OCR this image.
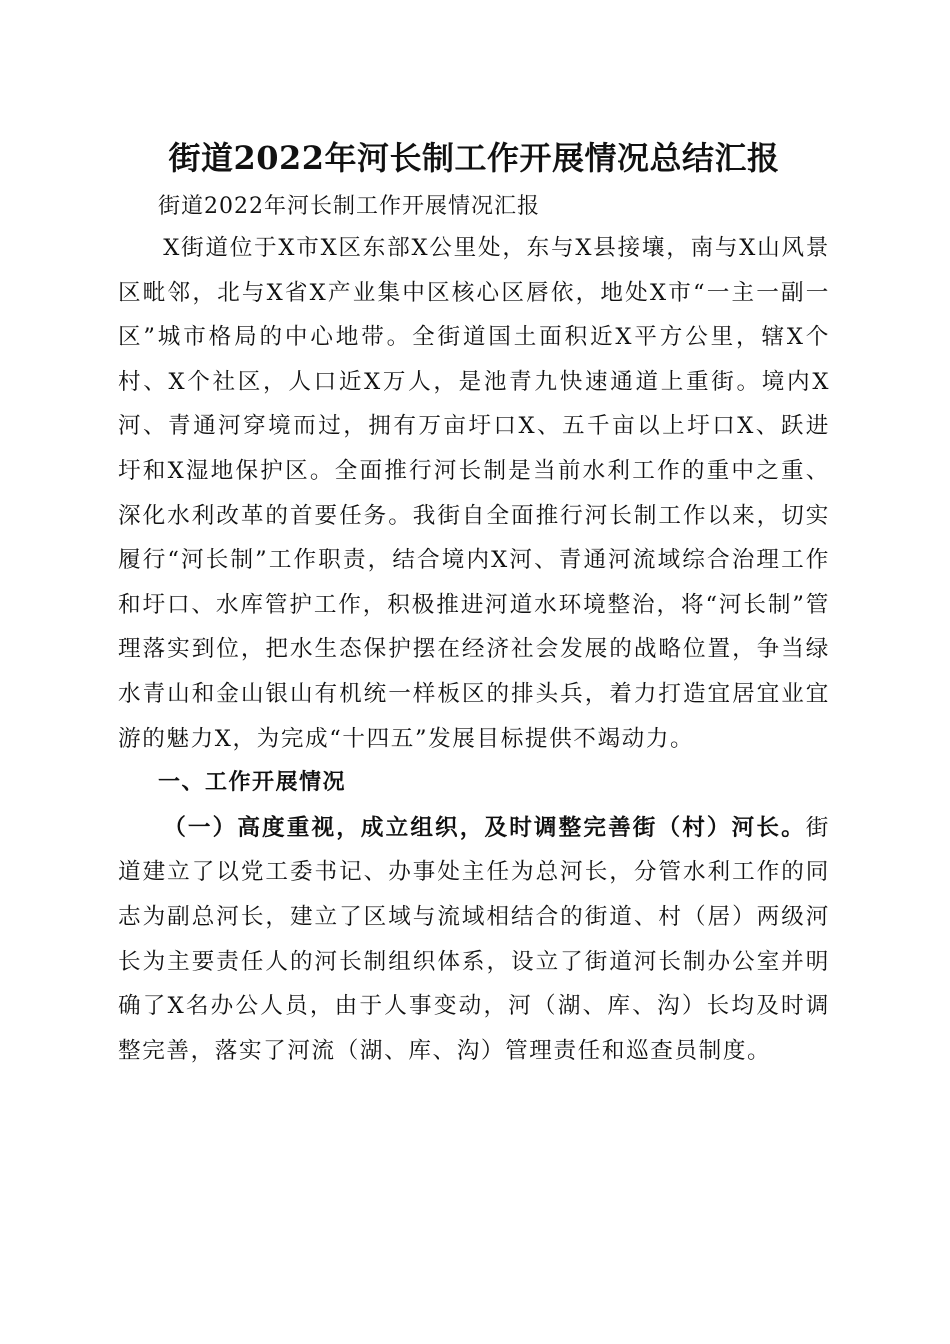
街道2022年河长制工作开展情况总结汇报

街道2022年河长制工作开展情况汇报

X街道位于X市X区东部X公里处，东与X县接壤，南与X山风景区毗邻，北与X省X产业集中区核心区唇依，地处X市“一主一副一区”城市格局的中心地带。全街道国土面积近X平方公里，辖X个村、X个社区，人口近X万人，是池青九快速通道上重街。境内X河、青通河穿境而过，拥有万亩圩口X、五千亩以上圩口X、跃进圩和X湿地保护区。全面推行河长制是当前水利工作的重中之重、深化水利改革的首要任务。我街自全面推行河长制工作以来，切实履行“河长制”工作职责，结合境内X河、青通河流域综合治理工作和圩口、水库管护工作，积极推进河道水环境整治，将“河长制”管理落实到位，把水生态保护摆在经济社会发展的战略位置，争当绿水青山和金山银山有机统一样板区的排头兵，着力打造宜居宜业宜游的魅力X，为完成“十四五”发展目标提供不竭动力。

一、工作开展情况

（一）高度重视，成立组织，及时调整完善街（村）河长。街道建立了以党工委书记、办事处主任为总河长，分管水利工作的同志为副总河长，建立了区域与流域相结合的街道、村（居）两级河长为主要责任人的河长制组织体系，设立了街道河长制办公室并明确了X名办公人员，由于人事变动，河（湖、库、沟）长均及时调整完善，落实了河流（湖、库、沟）管理责任和巡查员制度。
